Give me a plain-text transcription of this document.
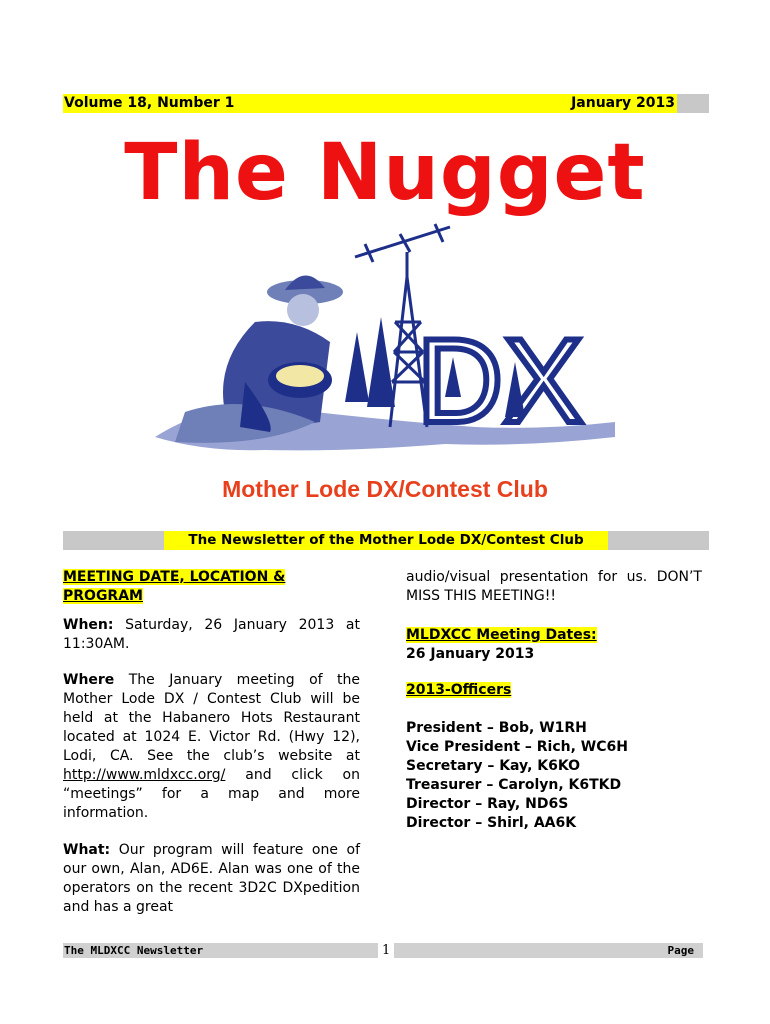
Volume 18, Number 1	January 2013
The Nugget
DX
Mother Lode DX/Contest Club
The Newsletter of the Mother Lode DX/Contest Club
MEETING DATE, LOCATION &
PROGRAM

When: Saturday, 26 January 2013 at 11:30AM.

Where The January meeting of the Mother Lode DX / Contest Club will be held at the Habanero Hots Restaurant located at 1024 E. Victor Rd. (Hwy 12), Lodi, CA. See the club’s website at http://www.mldxcc.org/ and click on “meetings” for a map and more information.

What: Our program will feature one of our own, Alan, AD6E. Alan was one of the operators on the recent 3D2C DXpedition and has a great

audio/visual presentation for us. DON’T MISS THIS MEETING!!

MLDXCC Meeting Dates:
26 January 2013
2013-Officers
President – Bob, W1RH
Vice President – Rich, WC6H
Secretary – Kay, K6KO
Treasurer – Carolyn, K6TKD
Director – Ray, ND6S
Director – Shirl, AA6K
The MLDXCC Newsletter	1	Page
